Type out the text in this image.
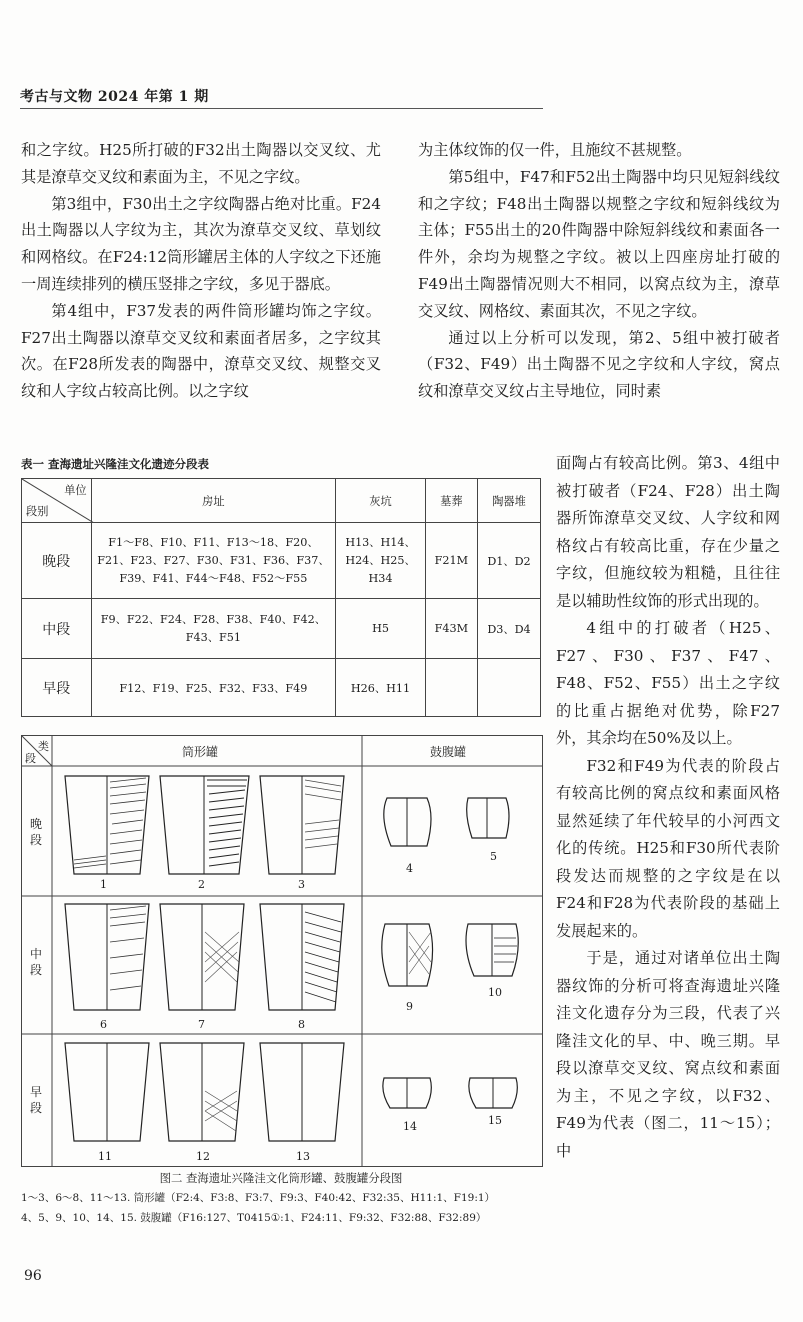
考古与文物 2024 年第 1 期

和之字纹。H25所打破的F32出土陶器以交叉纹、尤其是潦草交叉纹和素面为主，不见之字纹。

第3组中，F30出土之字纹陶器占绝对比重。F24出土陶器以人字纹为主，其次为潦草交叉纹、草划纹和网格纹。在F24:12筒形罐居主体的人字纹之下还施一周连续排列的横压竖排之字纹，多见于器底。

第4组中，F37发表的两件筒形罐均饰之字纹。F27出土陶器以潦草交叉纹和素面者居多，之字纹其次。在F28所发表的陶器中，潦草交叉纹、规整交叉纹和人字纹占较高比例。以之字纹

为主体纹饰的仅一件，且施纹不甚规整。

第5组中，F47和F52出土陶器中均只见短斜线纹和之字纹；F48出土陶器以规整之字纹和短斜线纹为主体；F55出土的20件陶器中除短斜线纹和素面各一件外，余均为规整之字纹。被以上四座房址打破的F49出土陶器情况则大不相同，以窝点纹为主，潦草交叉纹、网格纹、素面其次，不见之字纹。

通过以上分析可以发现，第2、5组中被打破者（F32、F49）出土陶器不见之字纹和人字纹，窝点纹和潦草交叉纹占主导地位，同时素

面陶占有较高比例。第3、4组中被打破者（F24、F28）出土陶器所饰潦草交叉纹、人字纹和网格纹占有较高比重，存在少量之字纹，但施纹较为粗糙，且往往是以辅助性纹饰的形式出现的。

4组中的打破者（H25、F27、F30、F37、F47、F48、F52、F55）出土之字纹的比重占据绝对优势，除F27外，其余均在50%及以上。

F32和F49为代表的阶段占有较高比例的窝点纹和素面风格显然延续了年代较早的小河西文化的传统。H25和F30所代表阶段发达而规整的之字纹是在以F24和F28为代表阶段的基础上发展起来的。

于是，通过对诸单位出土陶器纹饰的分析可将查海遗址兴隆洼文化遗存分为三段，代表了兴隆洼文化的早、中、晚三期。早段以潦草交叉纹、窝点纹和素面为主，不见之字纹，以F32、F49为代表（图二，11～15）；中

表一 查海遗址兴隆洼文化遗迹分段表
单位
段别	房址	灰坑	墓葬	陶器堆
晚段	F1～F8、F10、F11、F13～18、F20、F21、F23、F27、F30、F31、F36、F37、F39、F41、F44～F48、F52～F55	H13、H14、H24、H25、H34	F21M	D1、D2
中段	F9、F22、F24、F28、F38、F40、F42、F43、F51	H5	F43M	D3、D4
早段	F12、F19、F25、F32、F33、F49	H26、H11		
类
段	筒形罐	鼓腹罐
晚段
中段
早段
1	2	3
4
5
6	7	8
9
10
11	12	13
14	15
图二 查海遗址兴隆洼文化筒形罐、鼓腹罐分段图
1～3、6～8、11～13. 筒形罐（F2:4、F3:8、F3:7、F9:3、F40:42、F32:35、H11:1、F19:1）
4、5、9、10、14、15. 鼓腹罐（F16:127、T0415①:1、F24:11、F9:32、F32:88、F32:89）
96
